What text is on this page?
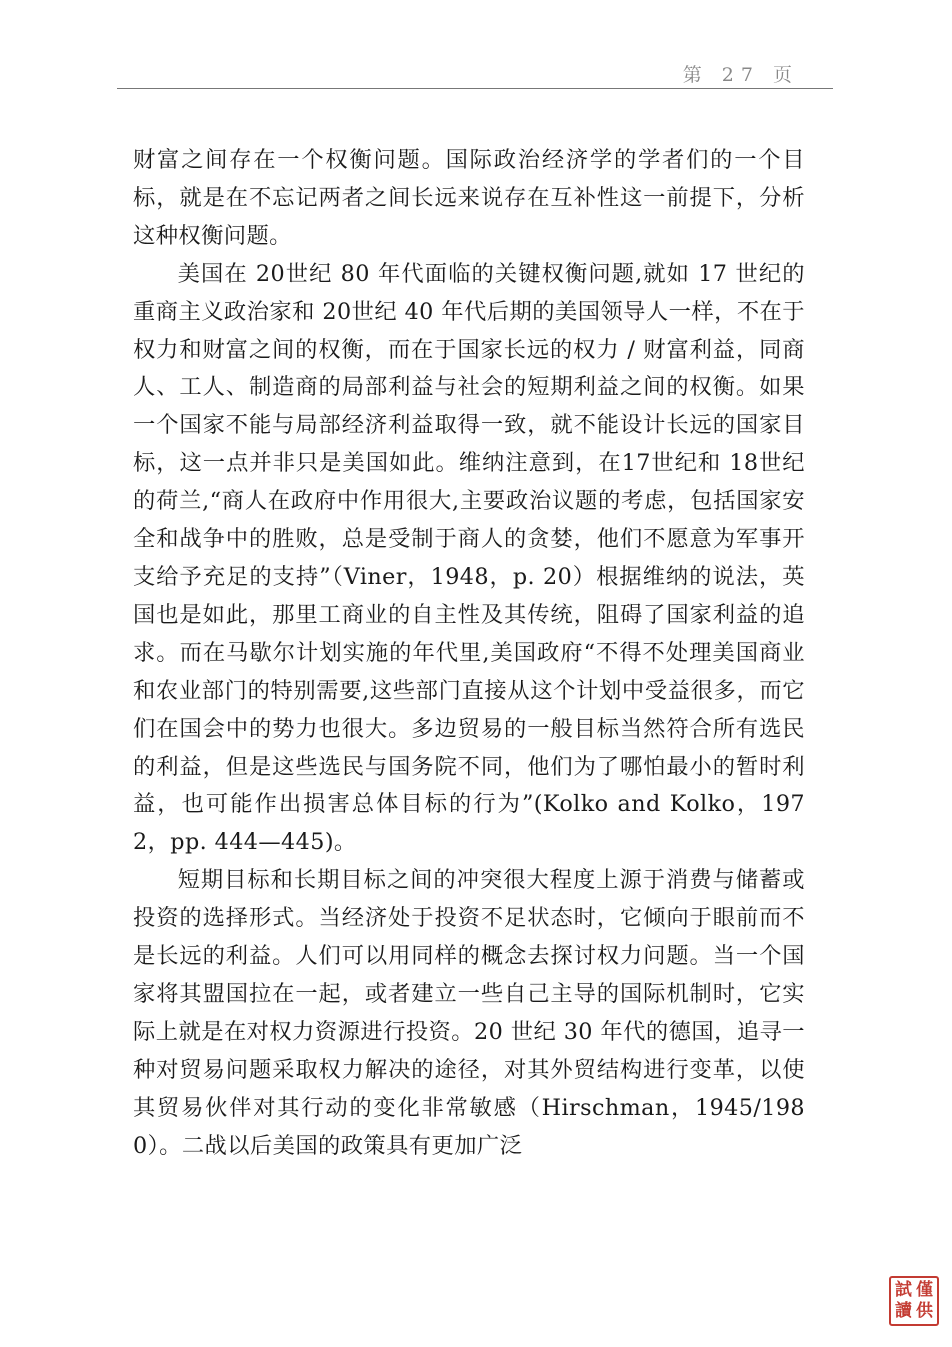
第 27 页

财富之间存在一个权衡问题。国际政治经济学的学者们的一个目标，就是在不忘记两者之间长远来说存在互补性这一前提下，分析这种权衡问题。

美国在 20世纪 80 年代面临的关键权衡问题,就如 17 世纪的重商主义政治家和 20世纪 40 年代后期的美国领导人一样，不在于权力和财富之间的权衡，而在于国家长远的权力 / 财富利益，同商人、工人、制造商的局部利益与社会的短期利益之间的权衡。如果一个国家不能与局部经济利益取得一致，就不能设计长远的国家目标，这一点并非只是美国如此。维纳注意到，在17世纪和 18世纪的荷兰,“商人在政府中作用很大,主要政治议题的考虑，包括国家安全和战争中的胜败，总是受制于商人的贪婪，他们不愿意为军事开支给予充足的支持”（Viner，1948，p. 20）根据维纳的说法，英国也是如此，那里工商业的自主性及其传统，阻碍了国家利益的追求。而在马歇尔计划实施的年代里,美国政府“不得不处理美国商业和农业部门的特别需要,这些部门直接从这个计划中受益很多，而它们在国会中的势力也很大。多边贸易的一般目标当然符合所有选民的利益，但是这些选民与国务院不同，他们为了哪怕最小的暂时利益，也可能作出损害总体目标的行为”(Kolko and Kolko，1972，pp. 444—445)。

短期目标和长期目标之间的冲突很大程度上源于消费与储蓄或投资的选择形式。当经济处于投资不足状态时，它倾向于眼前而不是长远的利益。人们可以用同样的概念去探讨权力问题。当一个国家将其盟国拉在一起，或者建立一些自己主导的国际机制时，它实际上就是在对权力资源进行投资。20 世纪 30 年代的德国，追寻一种对贸易问题采取权力解决的途径，对其外贸结构进行变革，以使其贸易伙伴对其行动的变化非常敏感（Hirschman，1945/1980）。二战以后美国的政策具有更加广泛

試 僅
讀 供
